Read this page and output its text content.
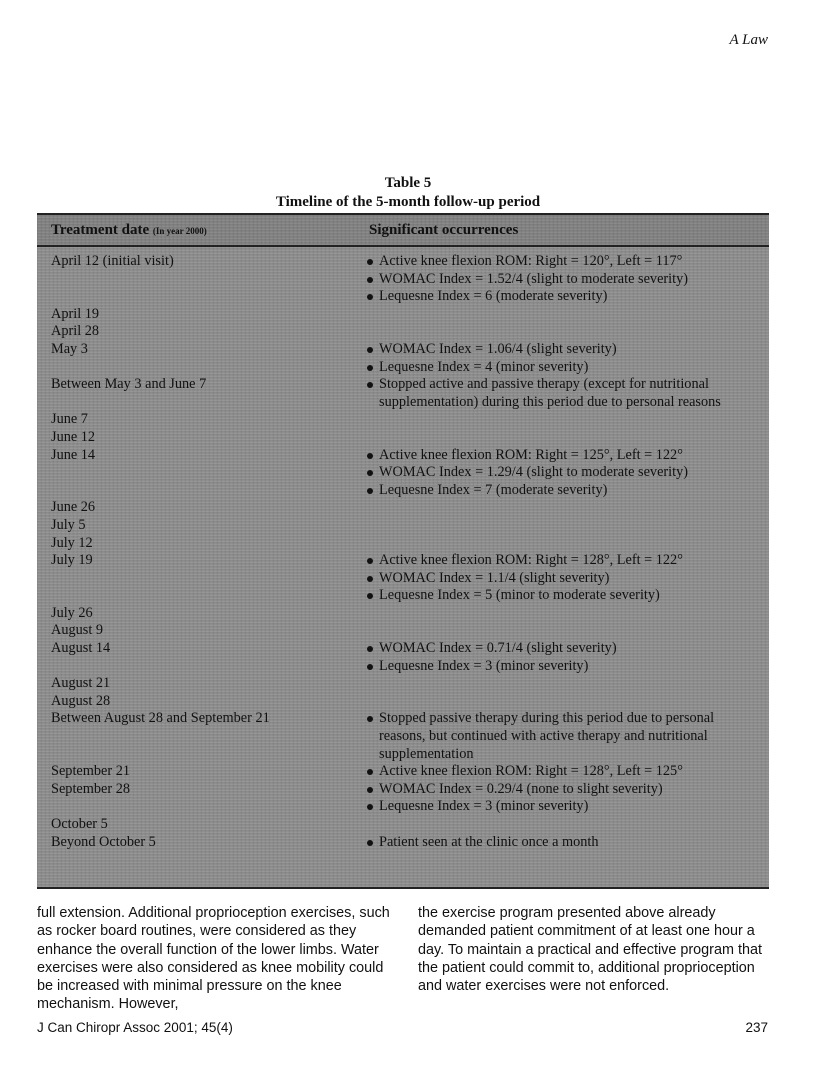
A Law
Table 5
Timeline of the 5-month follow-up period
Treatment date (In year 2000)	Significant occurrences
April 12 (initial visit)	Active knee flexion ROM: Right = 120°, Left = 117°
WOMAC Index = 1.52/4 (slight to moderate severity)
Lequesne Index = 6 (moderate severity)
April 19
April 28
May 3	WOMAC Index = 1.06/4 (slight severity)
Lequesne Index = 4 (minor severity)
Between May 3 and June 7	Stopped active and passive therapy (except for nutritional supplementation) during this period due to personal reasons
June 7
June 12
June 14	Active knee flexion ROM: Right = 125°, Left = 122°
WOMAC Index = 1.29/4 (slight to moderate severity)
Lequesne Index = 7 (moderate severity)
June 26
July 5
July 12
July 19	Active knee flexion ROM: Right = 128°, Left = 122°
WOMAC Index = 1.1/4 (slight severity)
Lequesne Index = 5 (minor to moderate severity)
July 26
August 9
August 14	WOMAC Index = 0.71/4 (slight severity)
Lequesne Index = 3 (minor severity)
August 21
August 28
Between August 28 and September 21	Stopped passive therapy during this period due to personal reasons, but continued with active therapy and nutritional supplementation
September 21	Active knee flexion ROM: Right = 128°, Left = 125°
September 28	WOMAC Index = 0.29/4 (none to slight severity)
Lequesne Index = 3 (minor severity)
October 5
Beyond October 5	Patient seen at the clinic once a month
full extension. Additional proprioception exercises, such as rocker board routines, were considered as they enhance the overall function of the lower limbs. Water exercises were also considered as knee mobility could be increased with minimal pressure on the knee mechanism. However,
the exercise program presented above already demanded patient commitment of at least one hour a day. To maintain a practical and effective program that the patient could commit to, additional proprioception and water exercises were not enforced.
J Can Chiropr Assoc 2001; 45(4)	237
